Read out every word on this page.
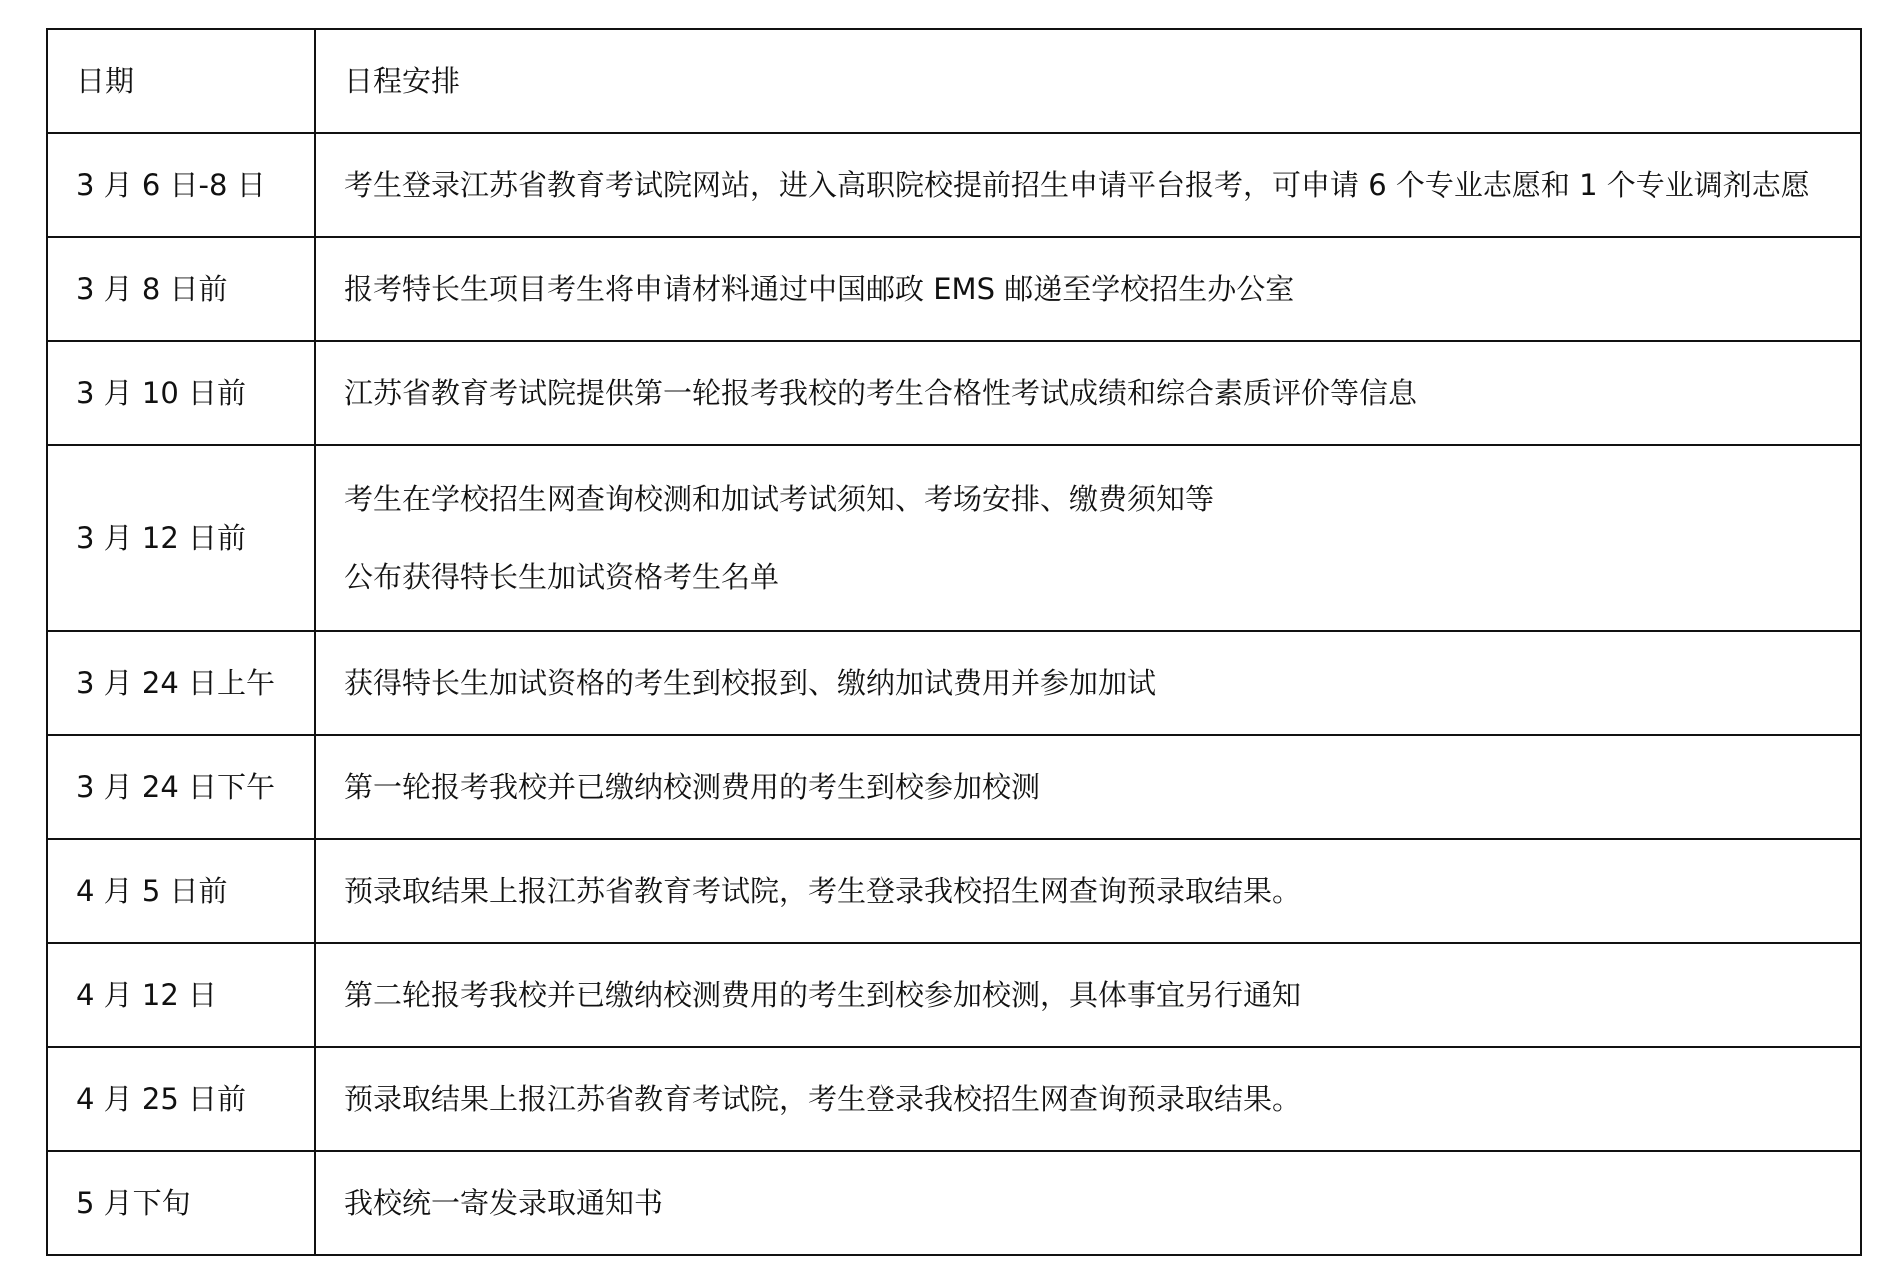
日期	日程安排
3 月 6 日-8 日	考生登录江苏省教育考试院网站，进入高职院校提前招生申请平台报考，可申请 6 个专业志愿和 1 个专业调剂志愿

3 月 8 日前	报考特长生项目考生将申请材料通过中国邮政 EMS 邮递至学校招生办公室

3 月 10 日前	江苏省教育考试院提供第一轮报考我校的考生合格性考试成绩和综合素质评价等信息

3 月 12 日前	考生在学校招生网查询校测和加试考试须知、考场安排、缴费须知等
公布获得特长生加试资格考生名单

3 月 24 日上午	获得特长生加试资格的考生到校报到、缴纳加试费用并参加加试

3 月 24 日下午	第一轮报考我校并已缴纳校测费用的考生到校参加校测

4 月 5 日前	预录取结果上报江苏省教育考试院，考生登录我校招生网查询预录取结果。

4 月 12 日	第二轮报考我校并已缴纳校测费用的考生到校参加校测，具体事宜另行通知

4 月 25 日前	预录取结果上报江苏省教育考试院，考生登录我校招生网查询预录取结果。

5 月下旬	我校统一寄发录取通知书
